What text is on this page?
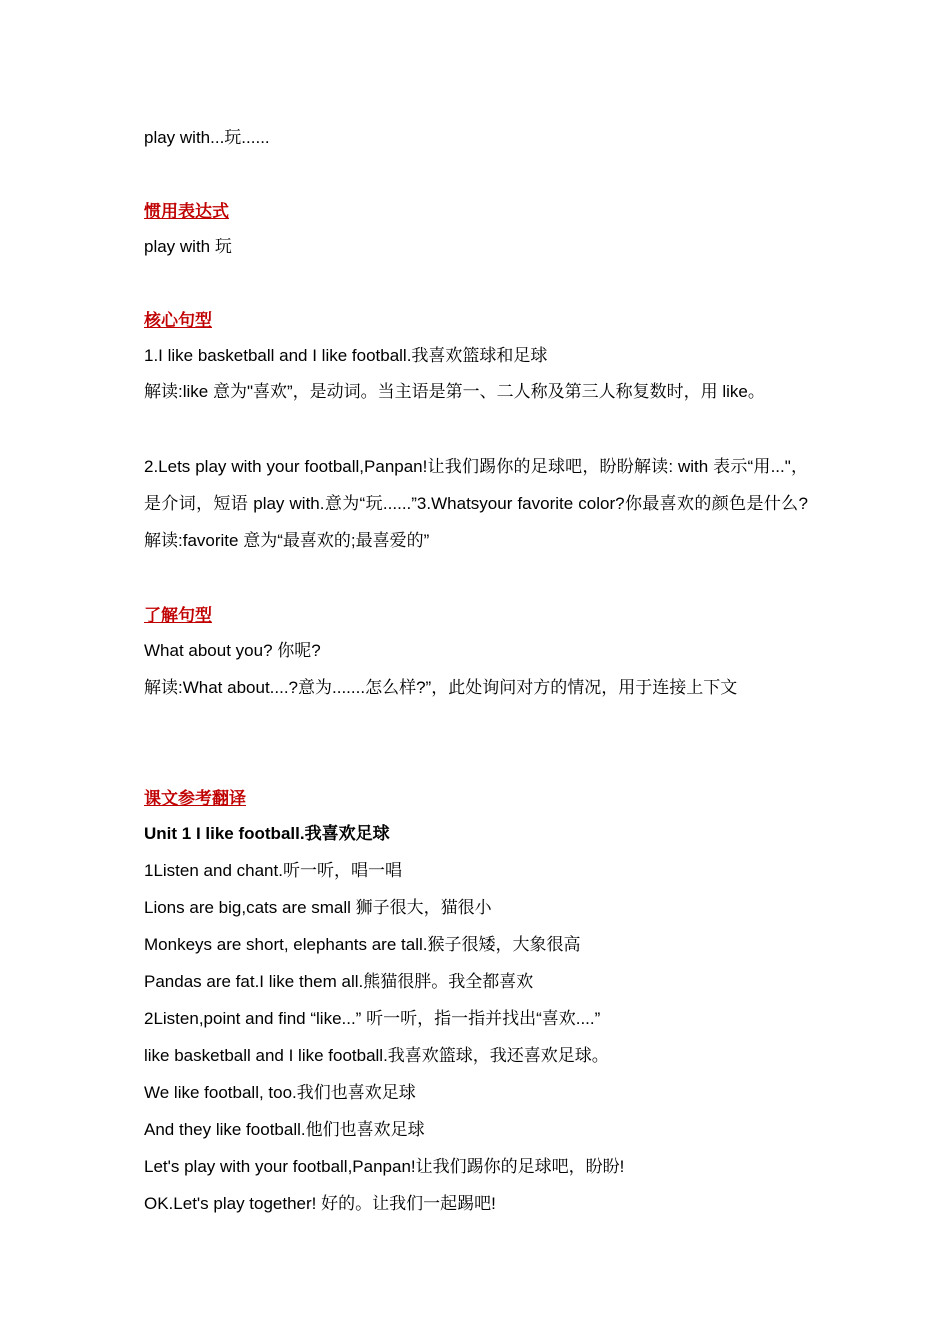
play with...玩......
惯用表达式
play with 玩
核心句型
1.I like basketball and I like football.我喜欢篮球和足球
解读:like 意为"喜欢”，是动词。当主语是第一、二人称及第三人称复数时，用 like。
2.Lets play with your football,Panpan!让我们踢你的足球吧，盼盼解读: with 表示“用..."，是介词，短语 play with.意为“玩......”3.Whatsyour favorite color?你最喜欢的颜色是什么?解读:favorite 意为“最喜欢的;最喜爱的”
了解句型
What about you? 你呢?
解读:What about....?意为.......怎么样?”，此处询问对方的情况，用于连接上下文
课文参考翻译
Unit 1 I like football.我喜欢足球
1Listen and chant.听一听，唱一唱
Lions are big,cats are small 狮子很大，猫很小
Monkeys are short, elephants are tall.猴子很矮，大象很高
Pandas are fat.I like them all.熊猫很胖。我全都喜欢
2Listen,point and find “like...” 听一听，指一指并找出“喜欢....”
like basketball and I like football.我喜欢篮球，我还喜欢足球。
We like football, too.我们也喜欢足球
And they like football.他们也喜欢足球
Let's play with your football,Panpan!让我们踢你的足球吧，盼盼!
OK.Let's play together! 好的。让我们一起踢吧!
